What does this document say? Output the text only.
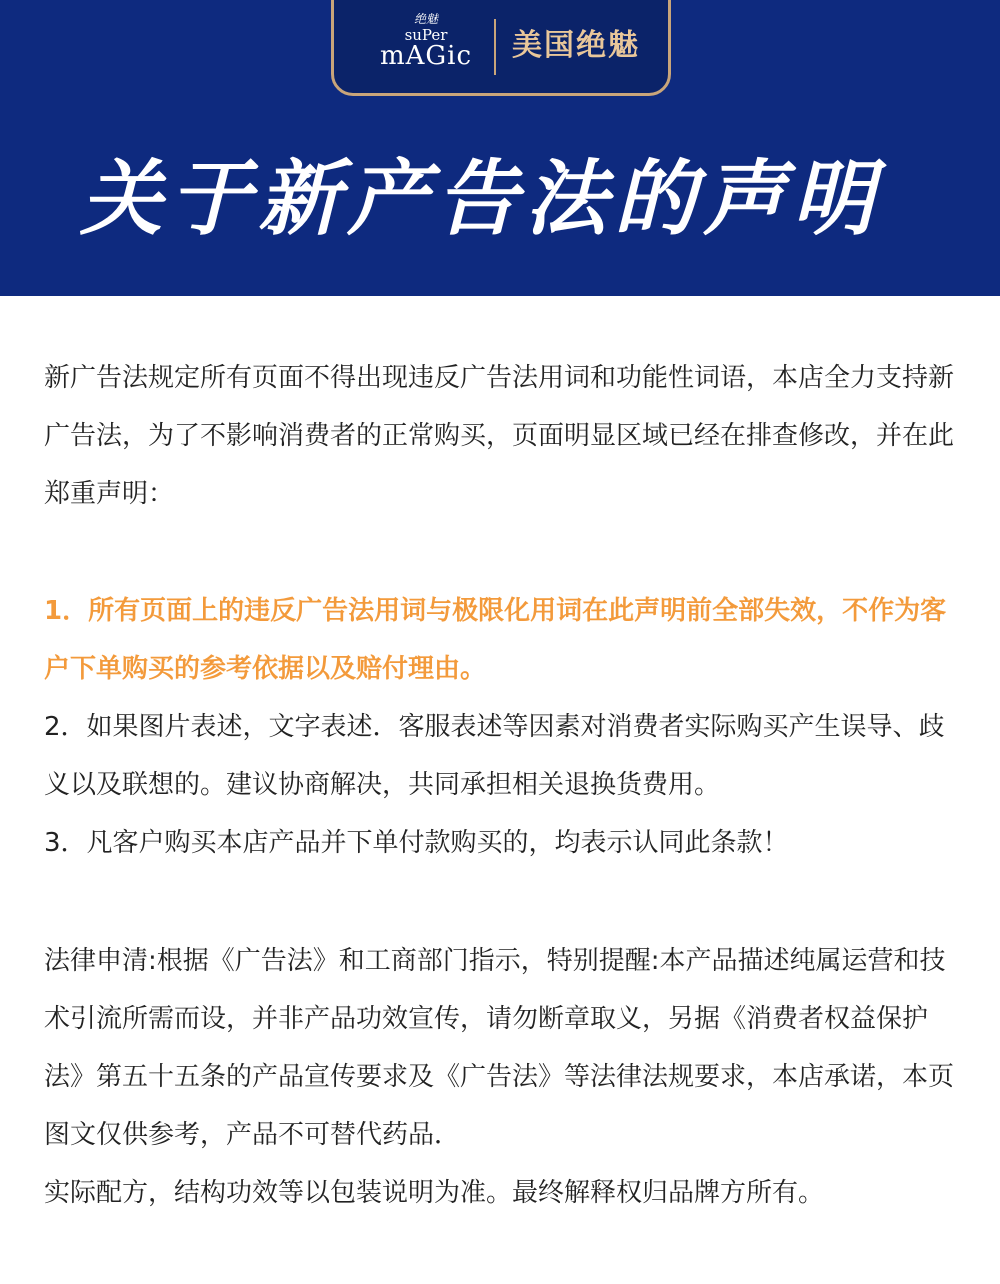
绝魅
suPer
mAGic	美国绝魅
关于新产告法的声明

新广告法规定所有页面不得出现违反广告法用词和功能性词语，本店全力支持新广告法，为了不影响消费者的正常购买，页面明显区域已经在排查修改，并在此郑重声明：

1．所有页面上的违反广告法用词与极限化用词在此声明前全部失效，不作为客户下单购买的参考依据以及赔付理由。

2．如果图片表述，文字表述．客服表述等因素对消费者实际购买产生误导、歧义以及联想的。建议协商解决，共同承担相关退换货费用。

3．凡客户购买本店产品并下单付款购买的，均表示认同此条款！

法律申清:根据《广告法》和工商部门指示，特别提醒:本产品描述纯属运营和技术引流所需而设，并非产品功效宣传，请勿断章取义，另据《消费者权益保护法》第五十五条的产品宣传要求及《广告法》等法律法规要求，本店承诺，本页图文仅供参考，产品不可替代药品．

实际配方，结构功效等以包装说明为准。最终解释权归品牌方所有。
